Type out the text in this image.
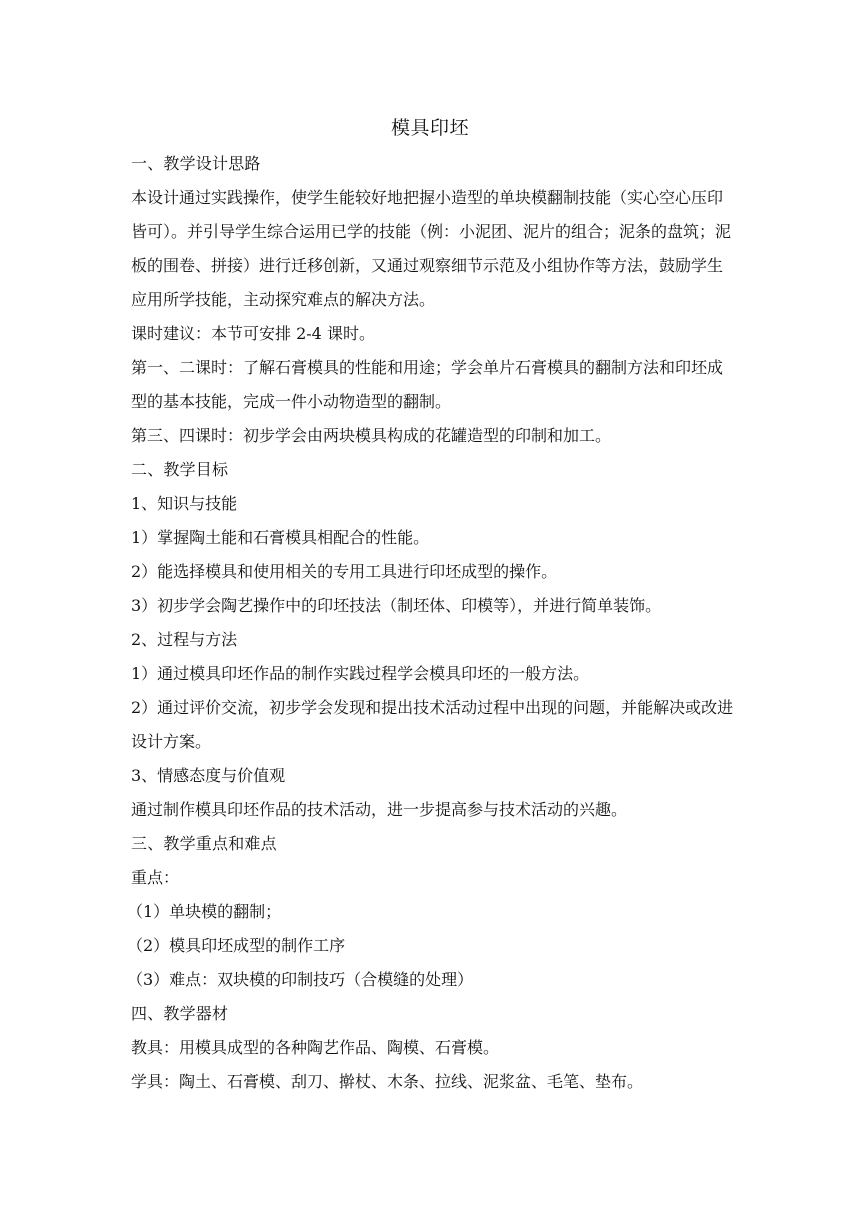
模具印坯

一、教学设计思路

本设计通过实践操作，使学生能较好地把握小造型的单块模翻制技能（实心空心压印皆可）。并引导学生综合运用已学的技能（例：小泥团、泥片的组合；泥条的盘筑；泥板的围卷、拼接）进行迁移创新，又通过观察细节示范及小组协作等方法，鼓励学生应用所学技能，主动探究难点的解决方法。

课时建议：本节可安排 2-4 课时。

第一、二课时：了解石膏模具的性能和用途；学会单片石膏模具的翻制方法和印坯成型的基本技能，完成一件小动物造型的翻制。

第三、四课时：初步学会由两块模具构成的花罐造型的印制和加工。

二、教学目标

1、知识与技能

1）掌握陶土能和石膏模具相配合的性能。

2）能选择模具和使用相关的专用工具进行印坯成型的操作。

3）初步学会陶艺操作中的印坯技法（制坯体、印模等），并进行简单装饰。

2、过程与方法

1）通过模具印坯作品的制作实践过程学会模具印坯的一般方法。

2）通过评价交流，初步学会发现和提出技术活动过程中出现的问题，并能解决或改进设计方案。

3、情感态度与价值观

通过制作模具印坯作品的技术活动，进一步提高参与技术活动的兴趣。

三、教学重点和难点

重点：

（1）单块模的翻制；

（2）模具印坯成型的制作工序

（3）难点：双块模的印制技巧（合模缝的处理）

四、教学器材

教具：用模具成型的各种陶艺作品、陶模、石膏模。

学具：陶土、石膏模、刮刀、擀杖、木条、拉线、泥浆盆、毛笔、垫布。
